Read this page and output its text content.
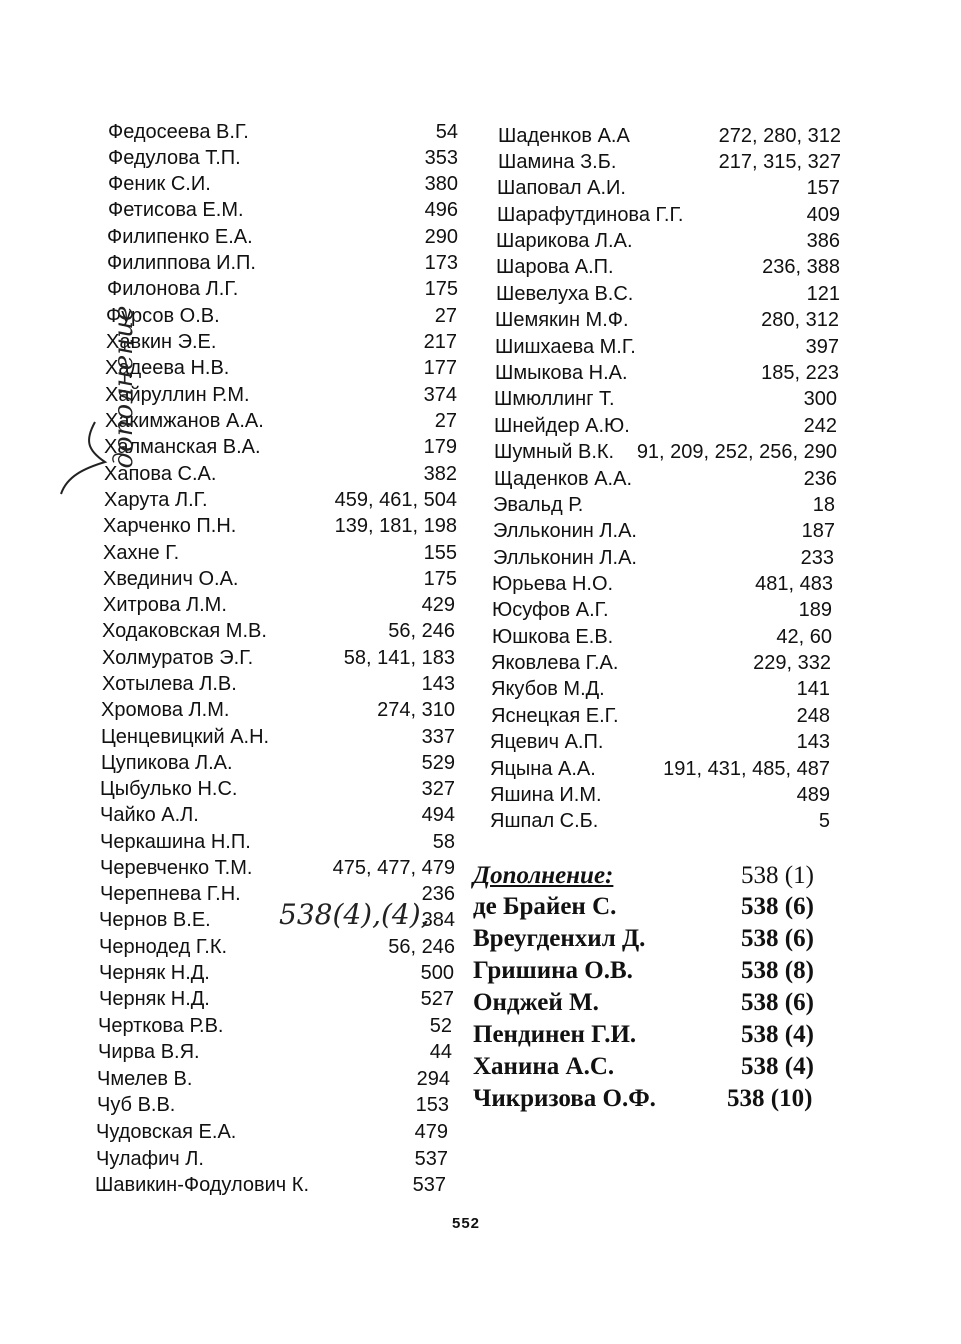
Федосеева В.Г.	54
Федулова Т.П.	353
Феник С.И.	380
Фетисова Е.М.	496
Филипенко Е.А.	290
Филиппова И.П.	173
Филонова Л.Г.	175
Фурсов О.В.	27
Хавкин Э.Е.	217
Хадеева Н.В.	177
Хайруллин Р.М.	374
Хакимжанов А.А.	27
Халманская В.А.	179
Хапова С.А.	382
Харута Л.Г.	459, 461, 504
Харченко П.Н.	139, 181, 198
Хахне Г.	155
Хвединич О.А.	175
Хитрова Л.М.	429
Ходаковская М.В.	56, 246
Холмуратов Э.Г.	58, 141, 183
Хотылева Л.В.	143
Хромова Л.М.	274, 310
Ценцевицкий А.Н.	337
Цупикова Л.А.	529
Цыбулько Н.С.	327
Чайко А.Л.	494
Черкашина Н.П.	58
Черевченко Т.М.	475, 477, 479
Черепнева Г.Н.	236
Чернов В.Е.	384
Чернодед Г.К.	56, 246
Черняк Н.Д.	500
Черняк Н.Д.	527
Черткова Р.В.	52
Чирва В.Я.	44
Чмелев В.	294
Чуб В.В.	153
Чудовская Е.А.	479
Чулафич Л.	537
Шавикин-Фодулович К.	537
Шаденков А.А	272, 280, 312
Шамина З.Б.	217, 315, 327
Шаповал А.И.	157
Шарафутдинова Г.Г.	409
Шарикова Л.А.	386
Шарова А.П.	236, 388
Шевелуха В.С.	121
Шемякин М.Ф.	280, 312
Шишхаева М.Г.	397
Шмыкова Н.А.	185, 223
Шмюллинг Т.	300
Шнейдер А.Ю.	242
Шумный В.К. 91, 209, 252, 256, 290
Щаденков А.А.	236
Эвальд Р.	18
Элльконин Л.А.	187
Элльконин Л.А.	233
Юрьева Н.О.	481, 483
Юсуфов А.Г.	189
Юшкова Е.В.	42, 60
Яковлева Г.А.	229, 332
Якубов М.Д.	141
Яснецкая Е.Г.	248
Яцевич А.П.	143
Яцына А.А.	191, 431, 485, 487
Яшина И.М.	489
Яшпал С.Б.	5
Дополнение:	538 (1)
де Брайен С.	538 (6)
Вреугденхил Д.	538 (6)
Гришина О.В.	538 (8)
Онджей М.	538 (6)
Пендинен Г.И.	538 (4)
Ханина А.С.	538 (4)
Чикризова О.Ф.	538 (10)
дополнение
538(4),(4),
552
